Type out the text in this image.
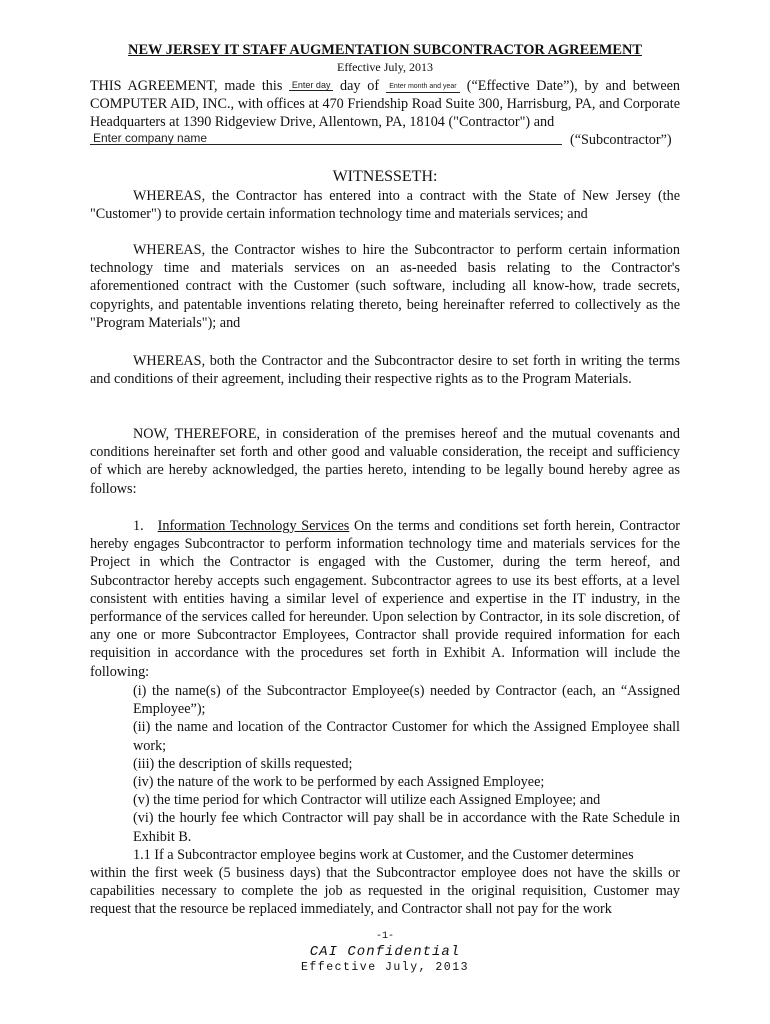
NEW JERSEY IT STAFF AUGMENTATION SUBCONTRACTOR AGREEMENT
Effective July, 2013
THIS AGREEMENT, made this Enter day day of Enter month and year (“Effective Date”), by and between COMPUTER AID, INC., with offices at 470 Friendship Road Suite 300, Harrisburg, PA, and Corporate Headquarters at 1390 Ridgeview Drive, Allentown, PA, 18104 ("Contractor") and
Enter company name	(“Subcontractor”)
WITNESSETH:
WHEREAS, the Contractor has entered into a contract with the State of New Jersey (the "Customer") to provide certain information technology time and materials services; and
WHEREAS, the Contractor wishes to hire the Subcontractor to perform certain information technology time and materials services on an as-needed basis relating to the Contractor's aforementioned contract with the Customer (such software, including all know-how, trade secrets, copyrights, and patentable inventions relating thereto, being hereinafter referred to collectively as the "Program Materials"); and
WHEREAS, both the Contractor and the Subcontractor desire to set forth in writing the terms and conditions of their agreement, including their respective rights as to the Program Materials.
NOW, THEREFORE, in consideration of the premises hereof and the mutual covenants and conditions hereinafter set forth and other good and valuable consideration, the receipt and sufficiency of which are hereby acknowledged, the parties hereto, intending to be legally bound hereby agree as follows:
1. Information Technology Services On the terms and conditions set forth herein, Contractor hereby engages Subcontractor to perform information technology time and materials services for the Project in which the Contractor is engaged with the Customer, during the term hereof, and Subcontractor hereby accepts such engagement. Subcontractor agrees to use its best efforts, at a level consistent with entities having a similar level of experience and expertise in the IT industry, in the performance of the services called for hereunder. Upon selection by Contractor, in its sole discretion, of any one or more Subcontractor Employees, Contractor shall provide required information for each requisition in accordance with the procedures set forth in Exhibit A. Information will include the following:

(i) the name(s) of the Subcontractor Employee(s) needed by Contractor (each, an “Assigned Employee”);

(ii) the name and location of the Contractor Customer for which the Assigned Employee shall work;

(iii) the description of skills requested;

(iv) the nature of the work to be performed by each Assigned Employee;

(v) the time period for which Contractor will utilize each Assigned Employee; and

(vi) the hourly fee which Contractor will pay shall be in accordance with the Rate Schedule in Exhibit B.

1.1 If a Subcontractor employee begins work at Customer, and the Customer determines

within the first week (5 business days) that the Subcontractor employee does not have the skills or capabilities necessary to complete the job as requested in the original requisition, Customer may request that the resource be replaced immediately, and Contractor shall not pay for the work
-1-
CAI Confidential
Effective July, 2013
